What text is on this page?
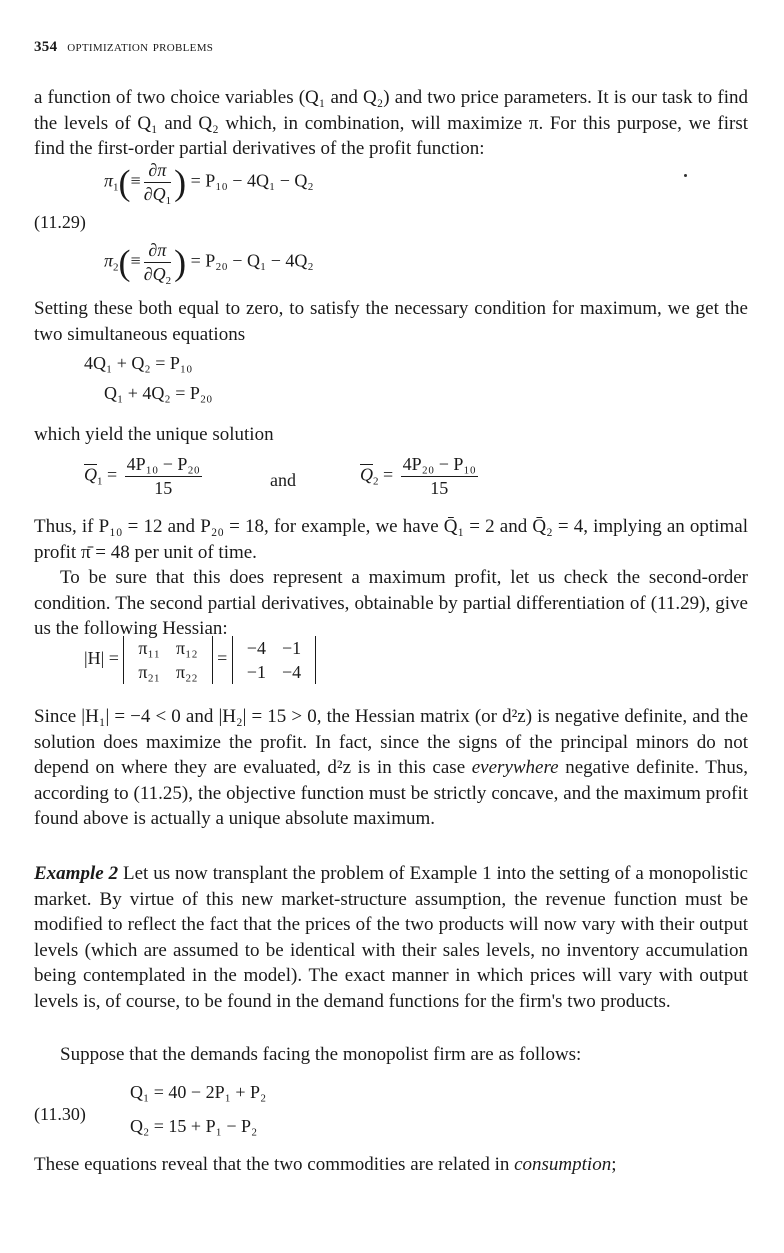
354 optimization problems
a function of two choice variables (Q₁ and Q₂) and two price parameters. It is our task to find the levels of Q₁ and Q₂ which, in combination, will maximize π. For this purpose, we first find the first-order partial derivatives of the profit function:
(11.29)
$\pi_1(\equiv \frac{\partial\pi}{\partial Q_1}$ ) = P₁₀ − 4Q₁ − Q₂
$\pi_2(\equiv \frac{\partial\pi}{\partial Q_2}$ ) = P₂₀ − Q₁ − 4Q₂
Setting these both equal to zero, to satisfy the necessary condition for maximum, we get the two simultaneous equations
4Q₁ + Q₂ = P₁₀
Q₁ + 4Q₂ = P₂₀
which yield the unique solution
$\overline{Q}_1 = \frac{\text{4P₁₀ − P₂₀}}{15}$	and	$\overline{Q}_2 = \frac{\text{4P₂₀ − P₁₀}}{15}$
Thus, if P₁₀ = 12 and P₂₀ = 18, for example, we have Q̄₁ = 2 and Q̄₂ = 4, implying an optimal profit π̄ = 48 per unit of time.
To be sure that this does represent a maximum profit, let us check the second-order condition. The second partial derivatives, obtainable by partial differentiation of (11.29), give us the following Hessian:
|H| =
π₁₁	π₁₂
π₂₁	π₂₂
=
−4	−1
−1	−4
Since |H₁| = −4 < 0 and |H₂| = 15 > 0, the Hessian matrix (or d²z) is negative definite, and the solution does maximize the profit. In fact, since the signs of the principal minors do not depend on where they are evaluated, d²z is in this case everywhere negative definite. Thus, according to (11.25), the objective function must be strictly concave, and the maximum profit found above is actually a unique absolute maximum.
Example 2 Let us now transplant the problem of Example 1 into the setting of a monopolistic market. By virtue of this new market-structure assumption, the revenue function must be modified to reflect the fact that the prices of the two products will now vary with their output levels (which are assumed to be identical with their sales levels, no inventory accumulation being contemplated in the model). The exact manner in which prices will vary with output levels is, of course, to be found in the demand functions for the firm's two products.
Suppose that the demands facing the monopolist firm are as follows:
(11.30)
Q₁ = 40 − 2P₁ + P₂
Q₂ = 15 + P₁ − P₂
These equations reveal that the two commodities are related in consumption;
